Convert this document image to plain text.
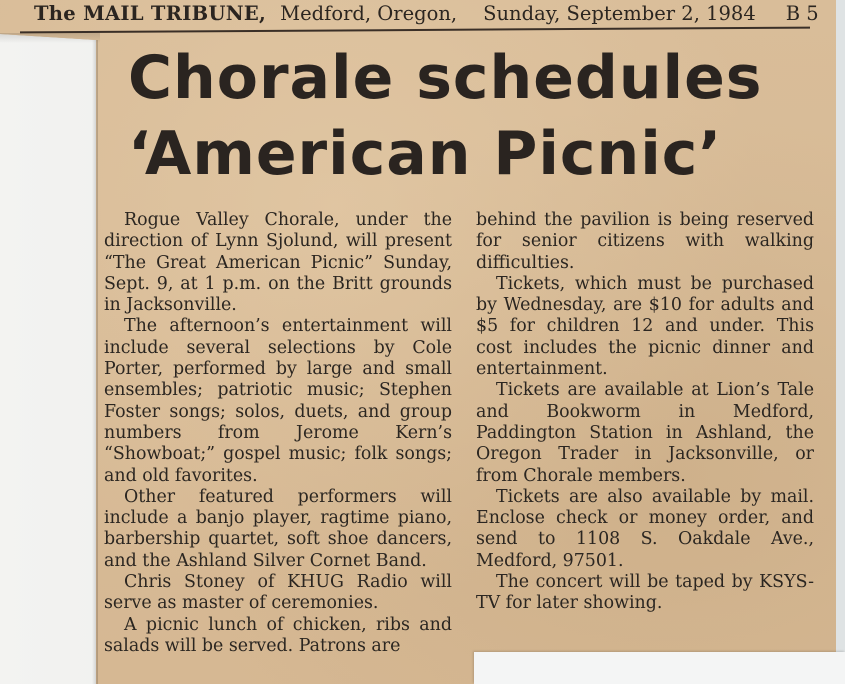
The MAIL TRIBUNE, Medford, Oregon, Sunday, September 2, 1984 B 5
Chorale schedules
‘American Picnic’

Rogue Valley Chorale, under the direction of Lynn Sjolund, will present “The Great American Picnic” Sunday, Sept. 9, at 1 p.m. on the Britt grounds in Jacksonville.

The afternoon’s entertainment will include several selections by Cole Porter, performed by large and small ensembles; patriotic music; Stephen Foster songs; solos, duets, and group numbers from Jerome Kern’s “Showboat;” gospel music; folk songs; and old favorites.

Other featured performers will include a banjo player, ragtime piano, barbership quartet, soft shoe dancers, and the Ashland Silver Cornet Band.

Chris Stoney of KHUG Radio will serve as master of ceremonies.

A picnic lunch of chicken, ribs and salads will be served. Patrons are

behind the pavilion is being reserved for senior citizens with walking difficulties.

Tickets, which must be purchased by Wednesday, are $10 for adults and $5 for children 12 and under. This cost includes the picnic dinner and entertainment.

Tickets are available at Lion’s Tale and Bookworm in Medford, Paddington Station in Ashland, the Oregon Trader in Jacksonville, or from Chorale members.

Tickets are also available by mail. Enclose check or money order, and send to 1108 S. Oakdale Ave., Medford, 97501.

The concert will be taped by KSYS-TV for later showing.
